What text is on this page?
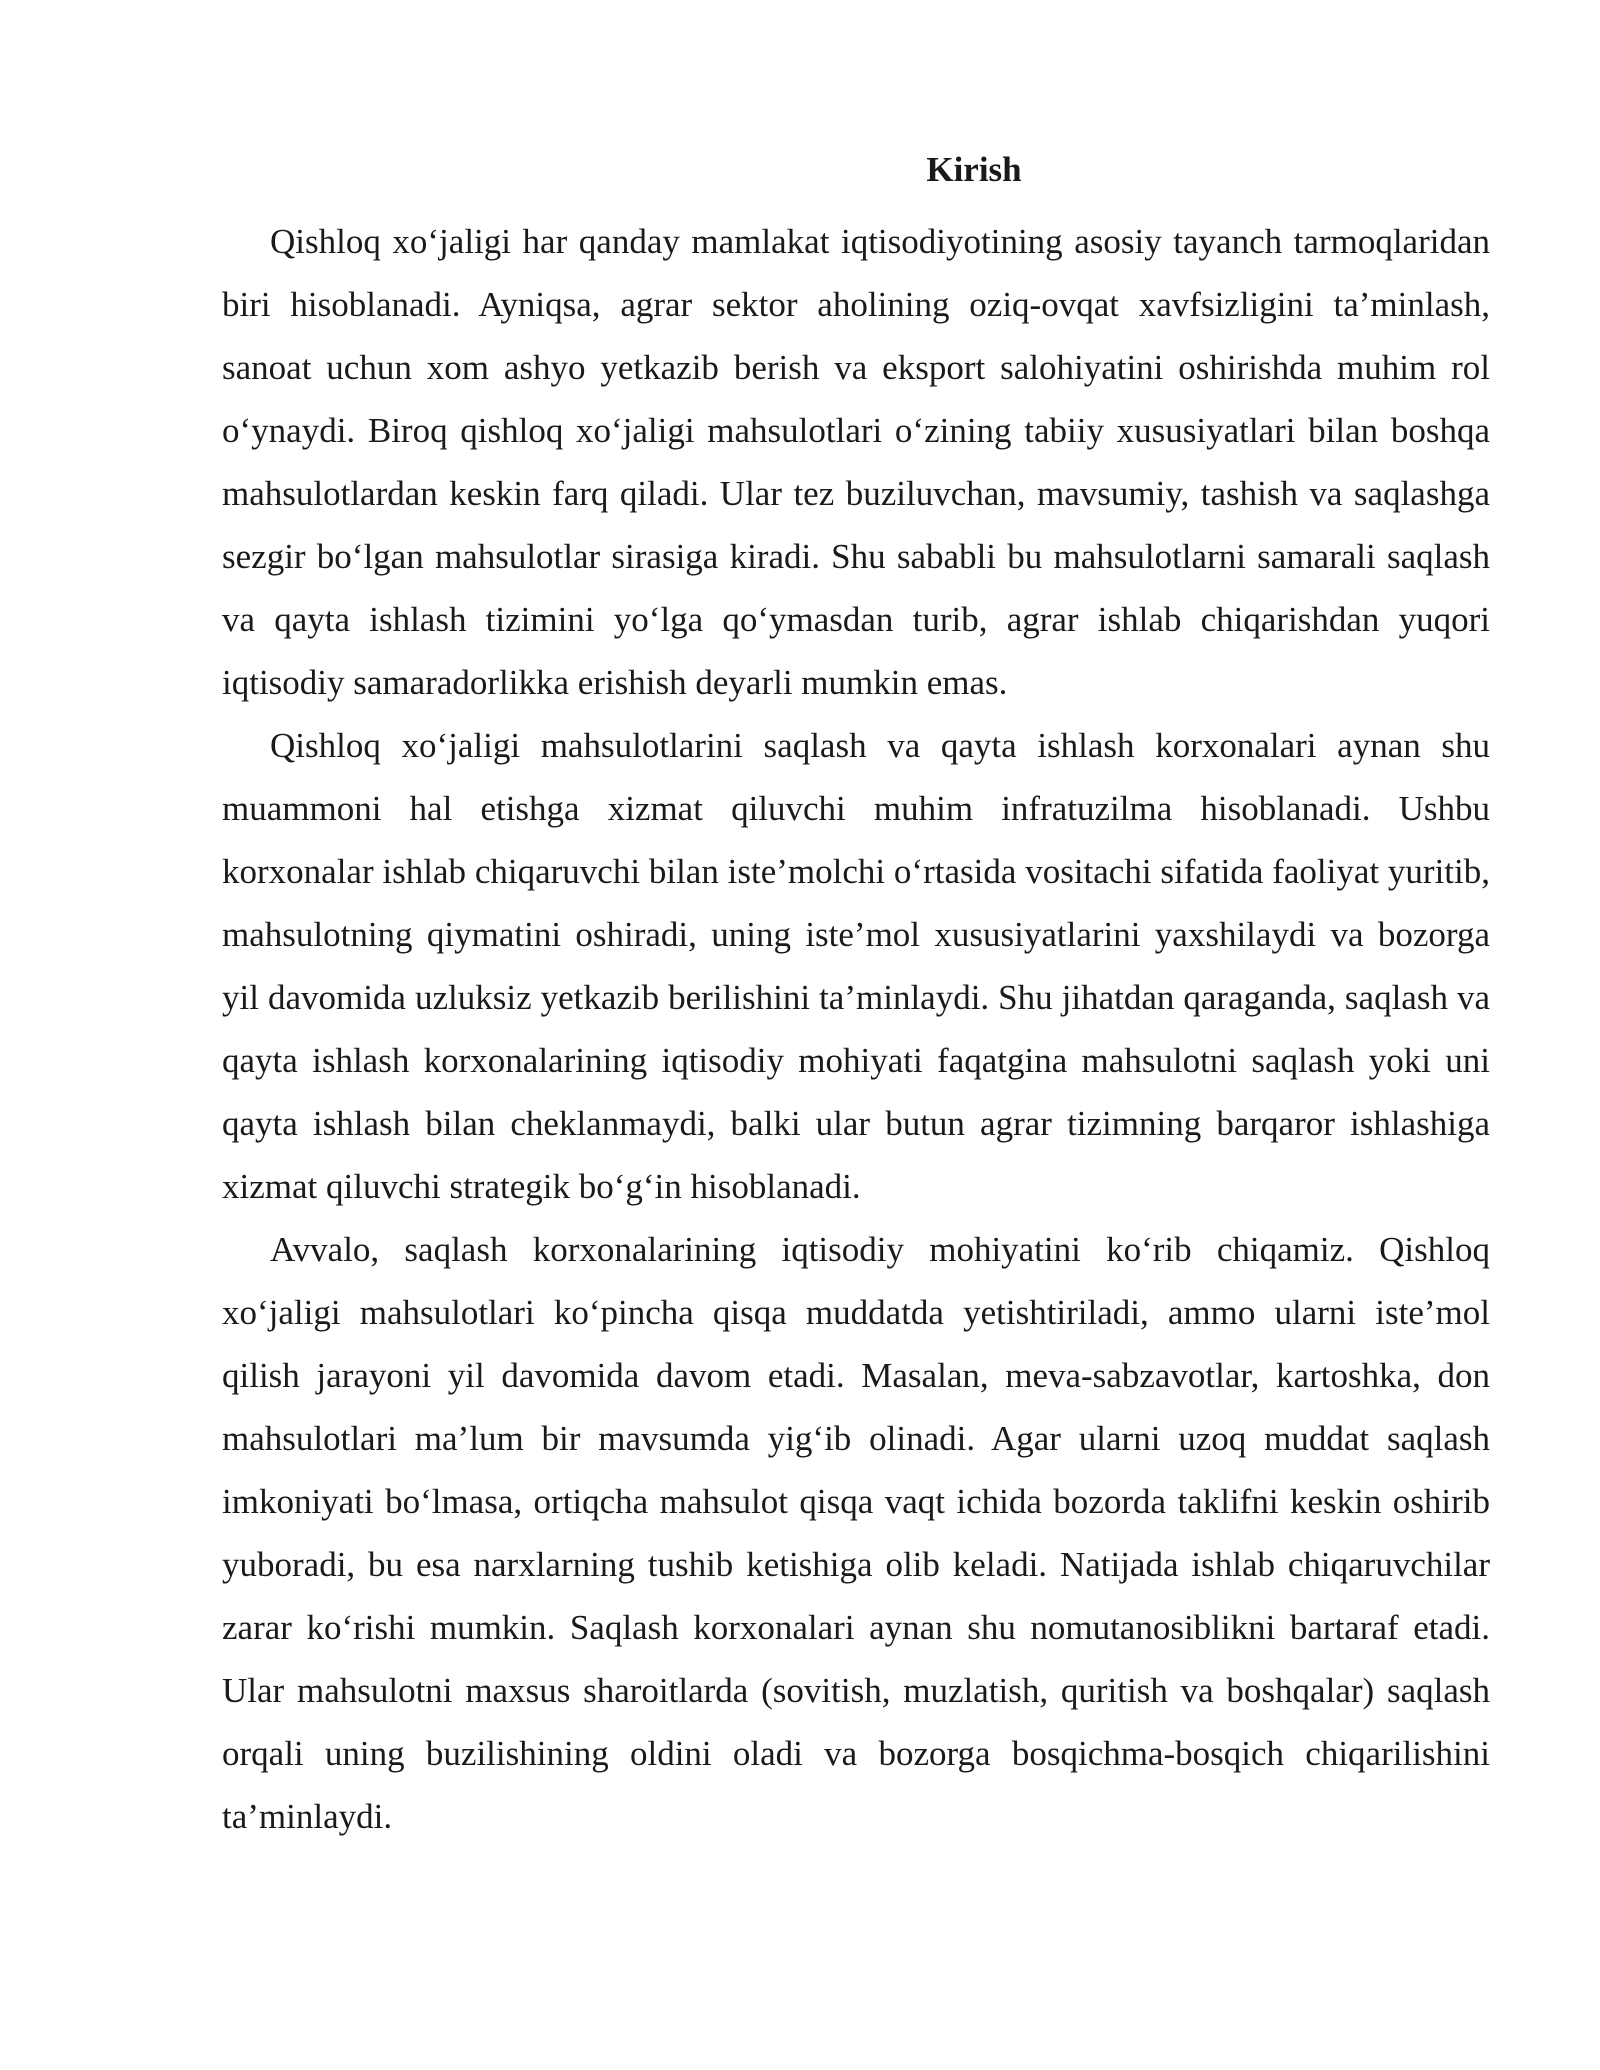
Kirish

Qishloq xo‘jaligi har qanday mamlakat iqtisodiyotining asosiy tayanch tarmoqlaridan biri hisoblanadi. Ayniqsa, agrar sektor aholining oziq-ovqat xavfsizligini ta’minlash, sanoat uchun xom ashyo yetkazib berish va eksport salohiyatini oshirishda muhim rol o‘ynaydi. Biroq qishloq xo‘jaligi mahsulotlari o‘zining tabiiy xususiyatlari bilan boshqa mahsulotlardan keskin farq qiladi. Ular tez buziluvchan, mavsumiy, tashish va saqlashga sezgir bo‘lgan mahsulotlar sirasiga kiradi. Shu sababli bu mahsulotlarni samarali saqlash va qayta ishlash tizimini yo‘lga qo‘ymasdan turib, agrar ishlab chiqarishdan yuqori iqtisodiy samaradorlikka erishish deyarli mumkin emas.

Qishloq xo‘jaligi mahsulotlarini saqlash va qayta ishlash korxonalari aynan shu muammoni hal etishga xizmat qiluvchi muhim infratuzilma hisoblanadi. Ushbu korxonalar ishlab chiqaruvchi bilan iste’molchi o‘rtasida vositachi sifatida faoliyat yuritib, mahsulotning qiymatini oshiradi, uning iste’mol xususiyatlarini yaxshilaydi va bozorga yil davomida uzluksiz yetkazib berilishini ta’minlaydi. Shu jihatdan qaraganda, saqlash va qayta ishlash korxonalarining iqtisodiy mohiyati faqatgina mahsulotni saqlash yoki uni qayta ishlash bilan cheklanmaydi, balki ular butun agrar tizimning barqaror ishlashiga xizmat qiluvchi strategik bo‘g‘in hisoblanadi.

Avvalo, saqlash korxonalarining iqtisodiy mohiyatini ko‘rib chiqamiz. Qishloq xo‘jaligi mahsulotlari ko‘pincha qisqa muddatda yetishtiriladi, ammo ularni iste’mol qilish jarayoni yil davomida davom etadi. Masalan, meva-sabzavotlar, kartoshka, don mahsulotlari ma’lum bir mavsumda yig‘ib olinadi. Agar ularni uzoq muddat saqlash imkoniyati bo‘lmasa, ortiqcha mahsulot qisqa vaqt ichida bozorda taklifni keskin oshirib yuboradi, bu esa narxlarning tushib ketishiga olib keladi. Natijada ishlab chiqaruvchilar zarar ko‘rishi mumkin. Saqlash korxonalari aynan shu nomutanosiblikni bartaraf etadi. Ular mahsulotni maxsus sharoitlarda (sovitish, muzlatish, quritish va boshqalar) saqlash orqali uning buzilishining oldini oladi va bozorga bosqichma-bosqich chiqarilishini ta’minlaydi.
